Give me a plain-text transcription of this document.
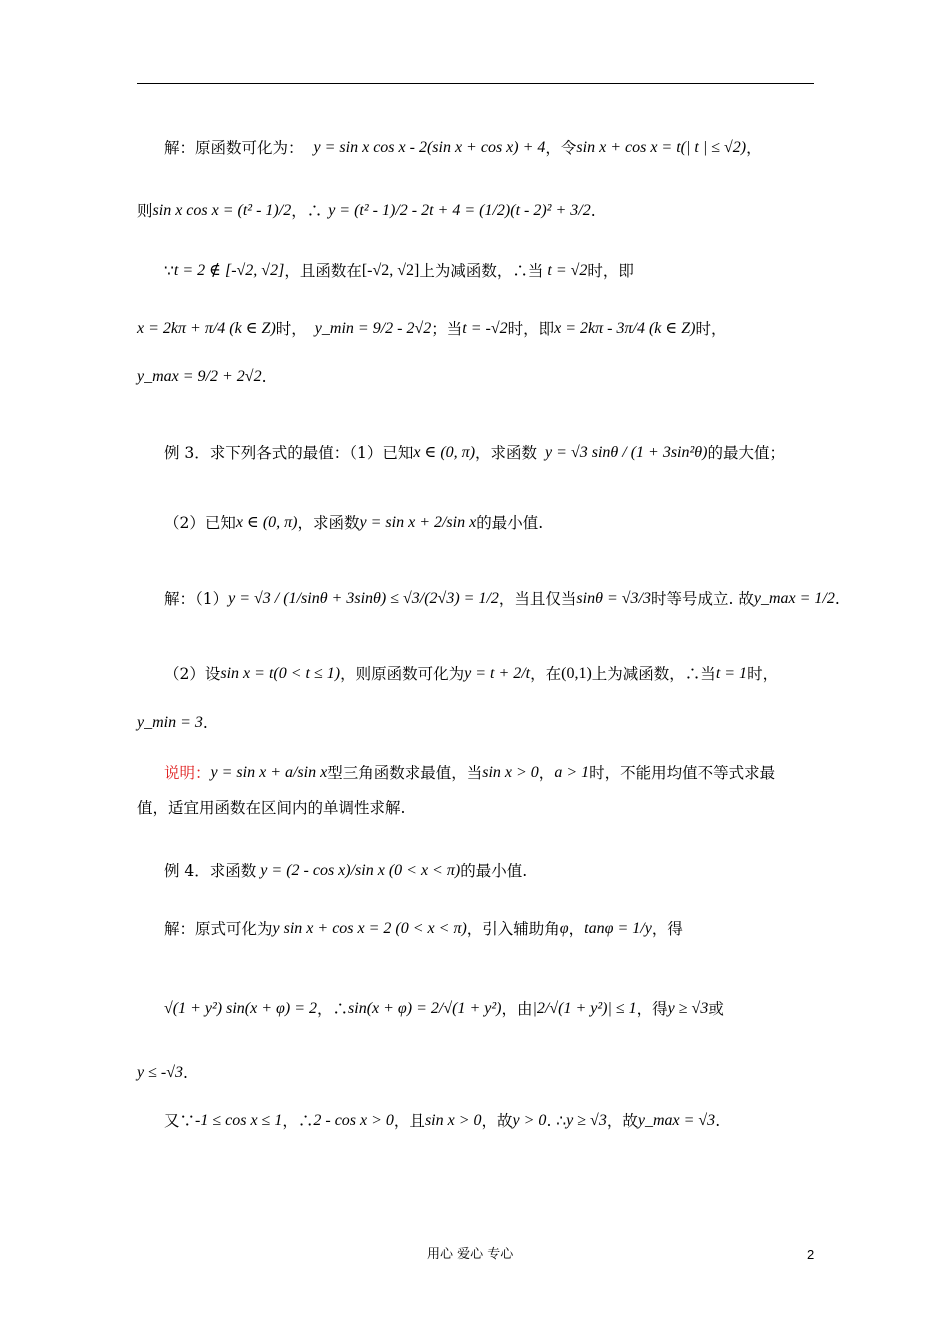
解：原函数可化为： y = sin x cos x - 2(sin x + cos x) + 4 ，令 sin x + cos x = t(| t | ≤ √2) ，
则 sin x cos x = (t² - 1)/2 ，∴ y = (t² - 1)/2 - 2t + 4 = (1/2)(t - 2)² + 3/2 .
∵ t = 2 ∉ [-√2, √2] ，且函数在 [-√2, √2] 上为减函数，∴当 t = √2 时，即
x = 2kπ + π/4 (k ∈ Z) 时， y_min = 9/2 - 2√2 ；当 t = -√2 时，即 x = 2kπ - 3π/4 (k ∈ Z) 时，
y_max = 9/2 + 2√2 .
例 3．求下列各式的最值：（1）已知 x ∈ (0, π) ，求函数 y = √3 sinθ / (1 + 3sin²θ) 的最大值；
（2）已知 x ∈ (0, π) ，求函数 y = sin x + 2/sin x 的最小值.
解：（1） y = √3 / (1/sinθ + 3sinθ) ≤ √3/(2√3) = 1/2 ，当且仅当 sinθ = √3/3 时等号成立. 故 y_max = 1/2 .
（2）设 sin x = t(0 < t ≤ 1) ，则原函数可化为 y = t + 2/t ，在 (0,1) 上为减函数，∴当 t = 1 时，
y_min = 3 .
说明： y = sin x + a/sin x 型三角函数求最值，当 sin x > 0 ， a > 1 时，不能用均值不等式求最
值，适宜用函数在区间内的单调性求解.
例 4．求函数 y = (2 - cos x)/sin x (0 < x < π) 的最小值.
解：原式可化为 y sin x + cos x = 2 (0 < x < π) ，引入辅助角 φ ， tanφ = 1/y ，得
√(1 + y²) sin(x + φ) = 2 ，∴ sin(x + φ) = 2/√(1 + y²) ，由 |2/√(1 + y²)| ≤ 1 ，得 y ≥ √3 或
y ≤ -√3 .
又∵ -1 ≤ cos x ≤ 1 ，∴ 2 - cos x > 0 ，且 sin x > 0 ，故 y > 0 . ∴ y ≥ √3 ，故 y_max = √3 .
用心 爱心 专心	2
